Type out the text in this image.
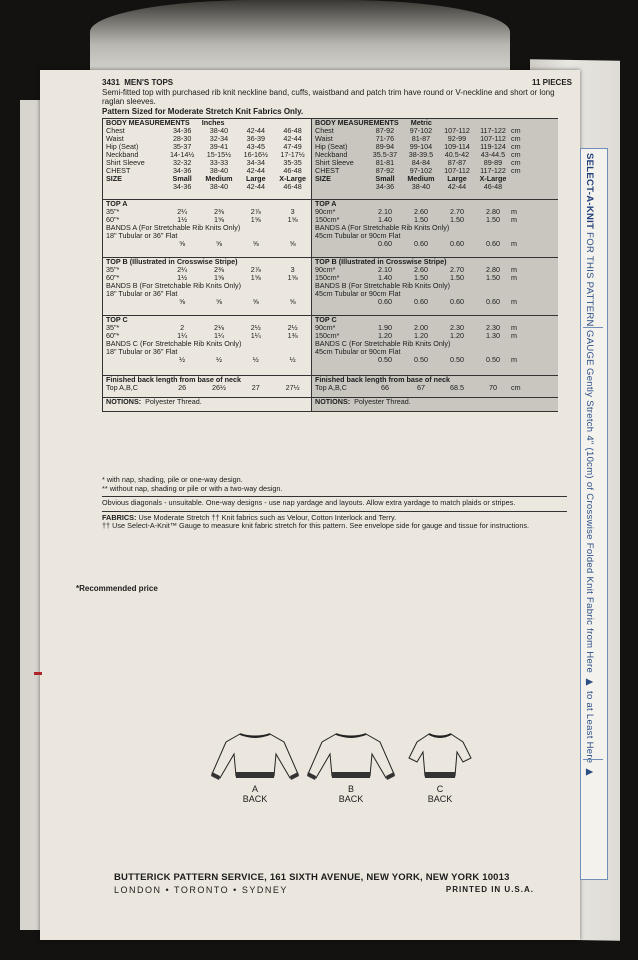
3431 MEN'S TOPS	11 PIECES
Semi-fitted top with purchased rib knit neckline band, cuffs, waistband and patch trim have round or V-neckline and short or long raglan sleeves.
Pattern Sized for Moderate Stretch Knit Fabrics Only.
BODY MEASUREMENTS Inches
Chest	34-36	38-40	42-44	46-48
Waist	28-30	32-34	36-39	42-44
Hip (Seat)	35-37	39-41	43-45	47-49
Neckband	14-14½	15-15½	16-16½	17-17½
Shirt Sleeve	32-32	33-33	34-34	35-35
CHEST	34-36	38-40	42-44	46-48
SIZE	Small	Medium	Large	X-Large
34-36	38-40	42-44	46-48
TOP A
35"*	2¼	2⅜	2⅞	3
60"*	1½	1⅝	1⅝	1⅝
BANDS A (For Stretchable Rib Knits Only)
18" Tubular or 36" Flat
⅝	⅝	⅝	⅝
TOP B (Illustrated in Crosswise Stripe)
35"*	2¼	2⅜	2⅞	3
60"*	1½	1⅝	1⅝	1⅝
BANDS B (For Stretchable Rib Knits Only)
18" Tubular or 36" Flat
⅝	⅝	⅝	⅝
TOP C
35"*	2	2⅛	2½	2½
60"*	1¼	1¼	1¼	1⅜
BANDS C (For Stretchable Rib Knits Only)
18" Tubular or 36" Flat
½	½	½	½
Finished back length from base of neck
Top A,B,C	26	26½	27	27½
NOTIONS: Polyester Thread.
BODY MEASUREMENTS Metric
Chest	87-92	97-102	107-112	117-122 cm
Waist	71-76	81-87	92-99	107-112 cm
Hip (Seat)	89-94	99-104	109-114	119-124 cm
Neckband	35.5-37	38-39.5	40.5-42	43-44.5 cm
Shirt Sleeve	81-81	84-84	87-87	89-89	cm
CHEST	87-92	97-102	107-112	117-122 cm
SIZE	Small	Medium	Large	X-Large
34-36	38-40	42-44	46-48
TOP A
90cm*	2.10	2.60	2.70	2.80	m
150cm*	1.40	1.50	1.50	1.50	m
BANDS A (For Stretchable Rib Knits Only)
45cm Tubular or 90cm Flat
0.60	0.60	0.60	0.60	m
TOP B (Illustrated in Crosswise Stripe)
90cm*	2.10	2.60	2.70	2.80	m
150cm*	1.40	1.50	1.50	1.50	m
BANDS B (For Stretchable Rib Knits Only)
45cm Tubular or 90cm Flat
0.60	0.60	0.60	0.60	m
TOP C
90cm*	1.90	2.00	2.30	2.30	m
150cm*	1.20	1.20	1.20	1.30	m
BANDS C (For Stretchable Rib Knits Only)
45cm Tubular or 90cm Flat
0.50	0.50	0.50	0.50	m
Finished back length from base of neck
Top A,B,C	66	67	68.5	70	cm
NOTIONS: Polyester Thread.

* with nap, shading, pile or one-way design.
** without nap, shading or pile or with a two-way design.

Obvious diagonals - unsuitable. One-way designs - use nap yardage and layouts. Allow extra yardage to match plaids or stripes.

FABRICS: Use Moderate Stretch †† Knit fabrics such as Velour, Cotton Interlock and Terry.
†† Use Select-A-Knit™ Gauge to measure knit fabric stretch for this pattern. See envelope side for gauge and tissue for instructions.

*Recommended price
A
BACK
B
BACK
C
BACK
BUTTERICK PATTERN SERVICE, 161 SIXTH AVENUE, NEW YORK, NEW YORK 10013
LONDON • TORONTO • SYDNEY	PRINTED IN U.S.A.
SELECT-A-KNIT FOR THIS PATTERN GAUGE Gently Stretch 4" (10cm) of Crosswise Folded Knit Fabric from Here ▶ to at Least Here ▶
